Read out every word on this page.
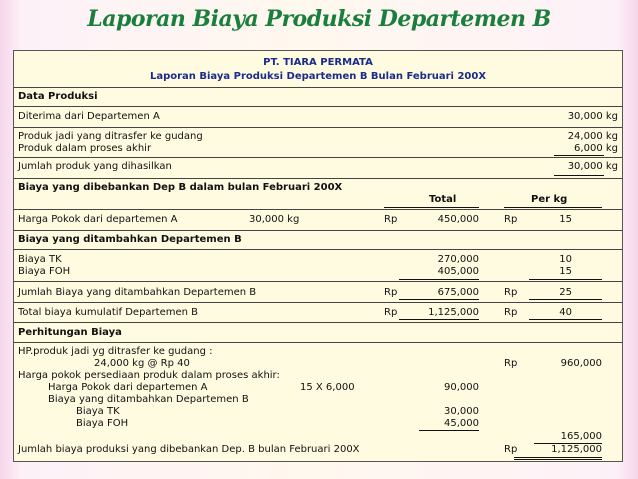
Laporan Biaya Produksi Departemen B
PT. TIARA PERMATA
Laporan Biaya Produksi Departemen B Bulan Februari 200X
Data Produksi
Diterima dari Departemen A	30,000 kg
Produk jadi yang ditrasfer ke gudang	24,000 kg
Produk dalam proses akhir	6,000 kg
Jumlah produk yang dihasilkan	30,000 kg
Biaya yang dibebankan Dep B dalam bulan Februari 200X
Total	Per kg
Harga Pokok dari departemen A	30,000 kg	Rp	450,000	Rp	15
Biaya yang ditambahkan Departemen B
Biaya TK	270,000	10
Biaya FOH	405,000	15
Jumlah Biaya yang ditambahkan Departemen B	Rp	675,000	Rp	25
Total biaya kumulatif Departemen B	Rp	1,125,000	Rp	40
Perhitungan Biaya
HP.produk jadi yg ditrasfer ke gudang :
24,000 kg @ Rp 40	Rp	960,000
Harga pokok persediaan produk dalam proses akhir:
Harga Pokok dari departemen A	15 X 6,000	90,000
Biaya yang ditambahkan Departemen B
Biaya TK	30,000
Biaya FOH	45,000
165,000
Jumlah biaya produksi yang dibebankan Dep. B bulan Februari 200X	Rp	1,125,000
